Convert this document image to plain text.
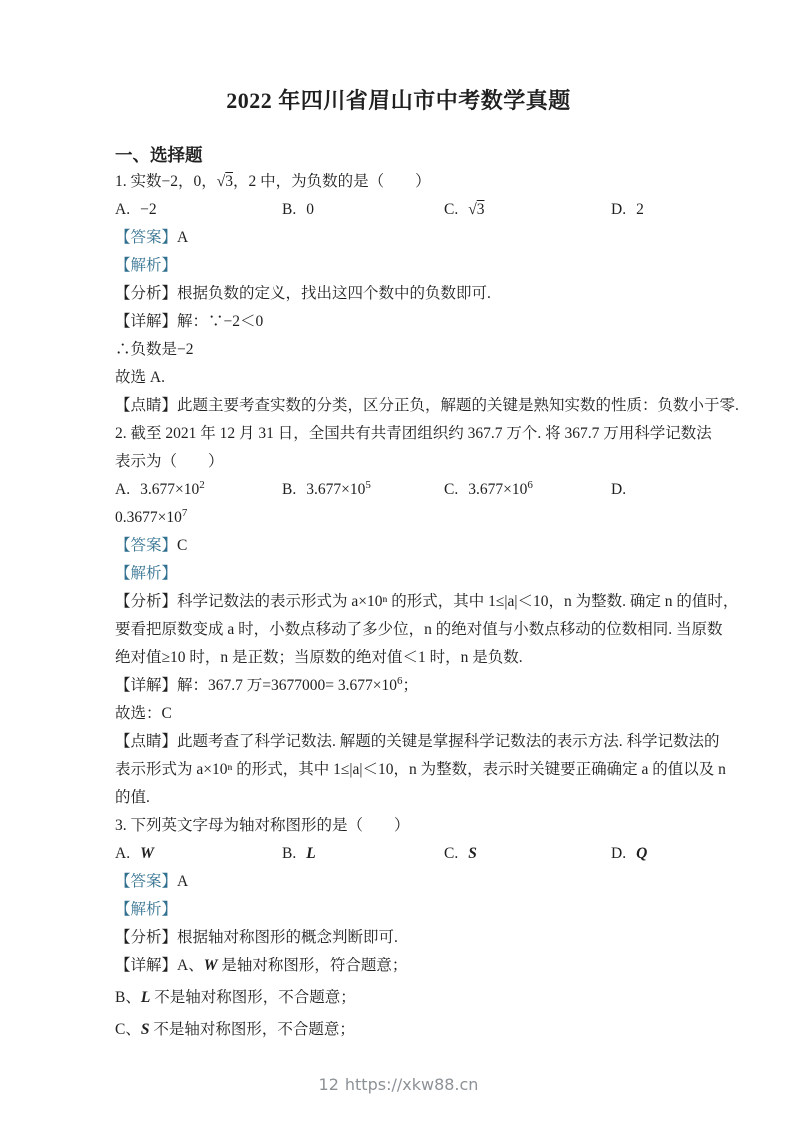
2022 年四川省眉山市中考数学真题
一、选择题
1. 实数−2，0，√3，2 中，为负数的是（　　）
A. −2	B. 0	C. √3	D. 2
【答案】A
【解析】
【分析】根据负数的定义，找出这四个数中的负数即可.
【详解】解：∵−2＜0
∴负数是−2
故选 A.
【点睛】此题主要考查实数的分类，区分正负，解题的关键是熟知实数的性质：负数小于零.
2. 截至 2021 年 12 月 31 日，全国共有共青团组织约 367.7 万个. 将 367.7 万用科学记数法
表示为（　　）
A. $3.677\times 10^2$	B. $3.677\times 10^5$	C. $3.677\times 10^6$	D.
$0.3677\times 10^7$
【答案】C
【解析】
【分析】科学记数法的表示形式为 a×10ⁿ 的形式，其中 1≤|a|＜10，n 为整数. 确定 n 的值时，
要看把原数变成 a 时，小数点移动了多少位，n 的绝对值与小数点移动的位数相同. 当原数
绝对值≥10 时，n 是正数；当原数的绝对值＜1 时，n 是负数.
【详解】解：367.7 万$=3677000= 3.677\times 10^6$；
故选：C
【点睛】此题考查了科学记数法. 解题的关键是掌握科学记数法的表示方法. 科学记数法的
表示形式为 a×10ⁿ 的形式，其中 1≤|a|＜10，n 为整数，表示时关键要正确确定 a 的值以及 n
的值.
3. 下列英文字母为轴对称图形的是（　　）
A. W	B. L	C. S	D. Q
【答案】A
【解析】
【分析】根据轴对称图形的概念判断即可.
【详解】A、W 是轴对称图形，符合题意；
B、L 不是轴对称图形，不合题意；
C、S 不是轴对称图形，不合题意；
12 https://xkw88.cn
